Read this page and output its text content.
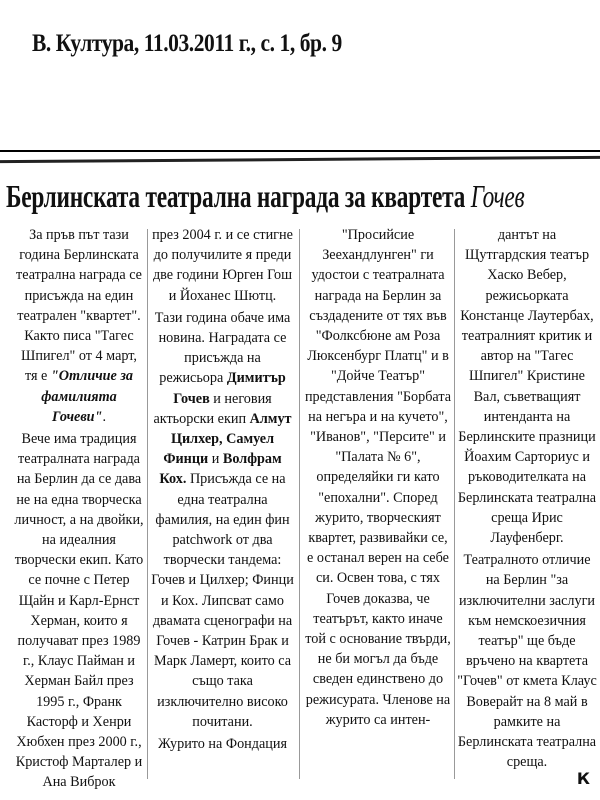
В. Култура, 11.03.2011 г., с. 1, бр. 9
Берлинската театрална награда за квартета Гочев

За пръв път тази година Берлинската театрална награда се присъжда на един театрален "квартет". Както писа "Тагес Шпигел" от 4 март, тя е "Отличие за фамилията Гочеви".

Вече има традиция театралната награда на Берлин да се дава не на една творческа личност, а на двойки, на идеалния творчески екип. Като се почне с Петер Щайн и Карл-Ернст Херман, които я получават през 1989 г., Клаус Пайман и Херман Байл през 1995 г., Франк Касторф и Хенри Хюбхен през 2000 г., Кристоф Марталер и Ана Виброк

през 2004 г. и се стигне до получилите я преди две години Юрген Гош и Йоханес Шютц.

Тази година обаче има новина. Наградата се присъжда на режисьора Димитър Гочев и неговия актьорски екип Алмут Цилхер, Самуел Финци и Волфрам Кох. Присъжда се на една театрална фамилия, на един фин patchwork от два творчески тандема: Гочев и Цилхер; Финци и Кох. Липсват само двамата сценографи на Гочев - Катрин Брак и Марк Ламерт, които са също така изключително високо почитани.

Журито на Фондация

"Просийсие Зеехандлунген" ги удостои с театралната награда на Берлин за създадените от тях във "Фолксбюне ам Роза Люксенбург Платц" и в "Дойче Театър" представления "Борбата на негъра и на кучето", "Иванов", "Персите" и "Палата № 6", определяйки ги като "епохални". Според журито, творческият квартет, развивайки се, е останал верен на себе си. Освен това, с тях Гочев доказва, че театърът, както иначе той с основание твърди, не би могъл да бъде сведен единствено до режисурата. Членове на журито са интен-

дантът на Щутгардския театър Хаско Вебер, режисьорката Констанце Лаутербах, театралният критик и автор на "Тагес Шпигел" Кристине Вал, съветващият интенданта на Берлинските празници Йоахим Сарториус и ръководителката на Берлинската театрална среща Ирис Лауфенберг.

Театралното отличие на Берлин "за изключителни заслуги към немскоезичния театър" ще бъде връчено на квартета "Гочев" от кмета Клаус Воверайт на 8 май в рамките на Берлинската театрална среща.

К
